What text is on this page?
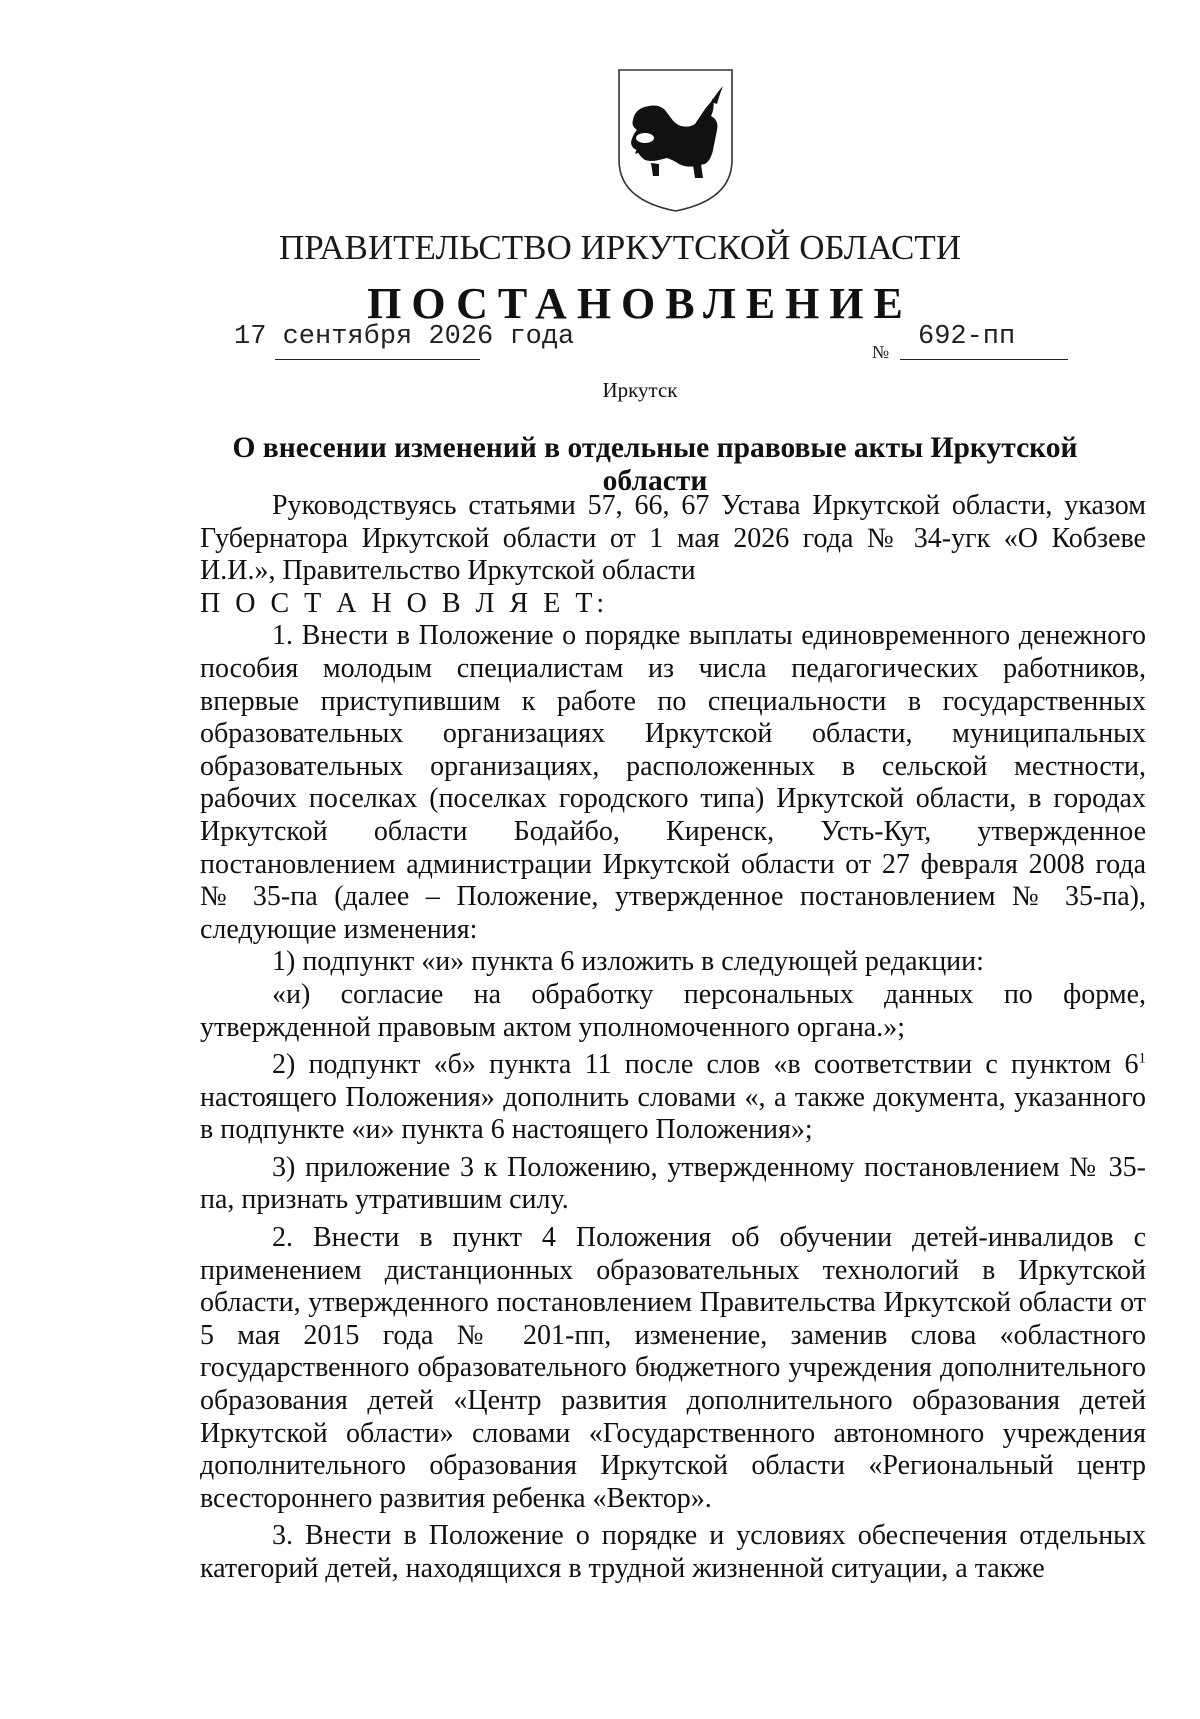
ПРАВИТЕЛЬСТВО ИРКУТСКОЙ ОБЛАСТИ
ПОСТАНОВЛЕНИЕ
17 сентября 2026 года	№ 692-пп
Иркутск
О внесении изменений в отдельные правовые акты Иркутской области

Руководствуясь статьями 57, 66, 67 Устава Иркутской области, указом Губернатора Иркутской области от 1 мая 2026 года № 34-угк «О Кобзеве И.И.», Правительство Иркутской области

П О С Т А Н О В Л Я Е Т:

1. Внести в Положение о порядке выплаты единовременного денежного пособия молодым специалистам из числа педагогических работников, впервые приступившим к работе по специальности в государственных образовательных организациях Иркутской области, муниципальных образовательных организациях, расположенных в сельской местности, рабочих поселках (поселках городского типа) Иркутской области, в городах Иркутской области Бодайбо, Киренск, Усть-Кут, утвержденное постановлением администрации Иркутской области от 27 февраля 2008 года № 35-па (далее – Положение, утвержденное постановлением № 35-па), следующие изменения:

1) подпункт «и» пункта 6 изложить в следующей редакции:

«и) согласие на обработку персональных данных по форме, утвержденной правовым актом уполномоченного органа.»;

2) подпункт «б» пункта 11 после слов «в соответствии с пунктом $6^1$ настоящего Положения» дополнить словами «, а также документа, указанного в подпункте «и» пункта 6 настоящего Положения»;

3) приложение 3 к Положению, утвержденному постановлением № 35-па, признать утратившим силу.

2. Внести в пункт 4 Положения об обучении детей-инвалидов с применением дистанционных образовательных технологий в Иркутской области, утвержденного постановлением Правительства Иркутской области от 5 мая 2015 года № 201-пп, изменение, заменив слова «областного государственного образовательного бюджетного учреждения дополнительного образования детей «Центр развития дополнительного образования детей Иркутской области» словами «Государственного автономного учреждения дополнительного образования Иркутской области «Региональный центр всестороннего развития ребенка «Вектор».

3. Внести в Положение о порядке и условиях обеспечения отдельных категорий детей, находящихся в трудной жизненной ситуации, а также
